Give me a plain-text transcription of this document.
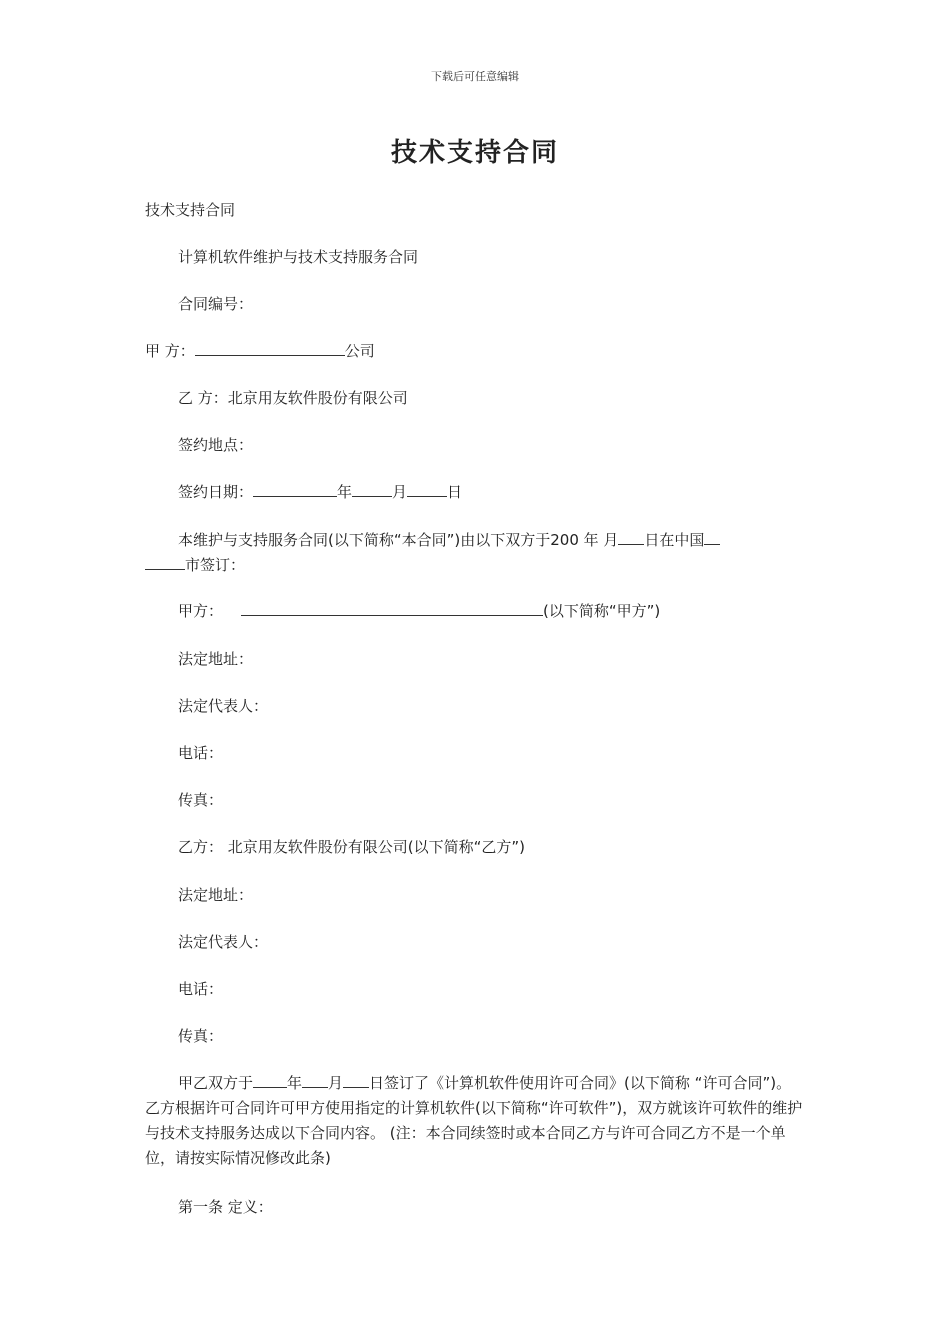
下载后可任意编辑
技术支持合同
技术支持合同
计算机软件维护与技术支持服务合同
合同编号：
甲 方：	公司
乙 方：北京用友软件股份有限公司
签约地点：
签约日期：	年	月	日
本维护与支持服务合同(以下简称“本合同”)由以下双方于200 年 月 日在中国
市签订：
甲方：	(以下简称“甲方”)
法定地址：
法定代表人：
电话：
传真：
乙方： 北京用友软件股份有限公司(以下简称“乙方”)
法定地址：
法定代表人：
电话：
传真：
甲乙双方于 年 月 日签订了《计算机软件使用许可合同》(以下简称 “许可合同”)。乙方根据许可合同许可甲方使用指定的计算机软件(以下简称“许可软件”)，双方就该许可软件的维护与技术支持服务达成以下合同内容。 (注：本合同续签时或本合同乙方与许可合同乙方不是一个单位，请按实际情况修改此条)
第一条 定义：
